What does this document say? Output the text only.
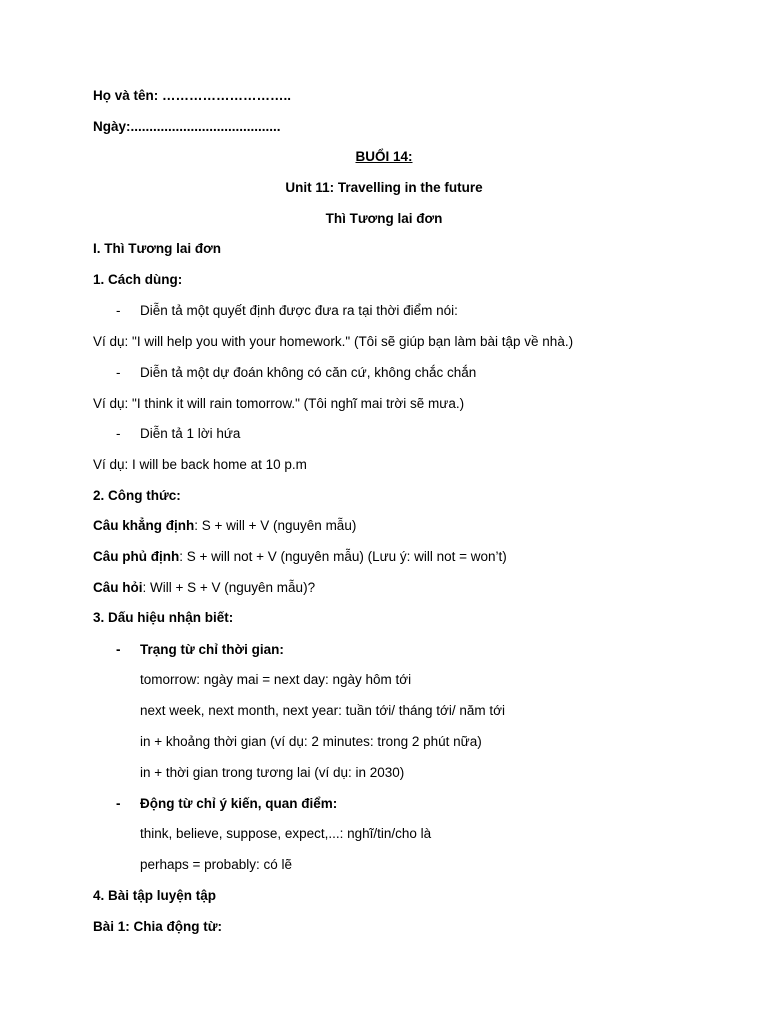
Họ và tên: ………………………..
Ngày:........................................
BUỔI 14:
Unit 11: Travelling in the future
Thì Tương lai đơn
I. Thì Tương lai đơn
1. Cách dùng:
- Diễn tả một quyết định được đưa ra tại thời điểm nói:
Ví dụ: "I will help you with your homework." (Tôi sẽ giúp bạn làm bài tập về nhà.)
- Diễn tả một dự đoán không có căn cứ, không chắc chắn
Ví dụ: "I think it will rain tomorrow." (Tôi nghĩ mai trời sẽ mưa.)
- Diễn tả 1 lời hứa
Ví dụ: I will be back home at 10 p.m
2. Công thức:
Câu khẳng định: S + will + V (nguyên mẫu)
Câu phủ định: S + will not + V (nguyên mẫu) (Lưu ý: will not = won’t)
Câu hỏi: Will + S + V (nguyên mẫu)?
3. Dấu hiệu nhận biết:
- Trạng từ chỉ thời gian:
tomorrow: ngày mai = next day: ngày hôm tới
next week, next month, next year: tuần tới/ tháng tới/ năm tới
in + khoảng thời gian (ví dụ: 2 minutes: trong 2 phút nữa)
in + thời gian trong tương lai (ví dụ: in 2030)
- Động từ chỉ ý kiến, quan điểm:
think, believe, suppose, expect,...: nghĩ/tin/cho là
perhaps = probably: có lẽ
4. Bài tập luyện tập
Bài 1: Chia động từ:
